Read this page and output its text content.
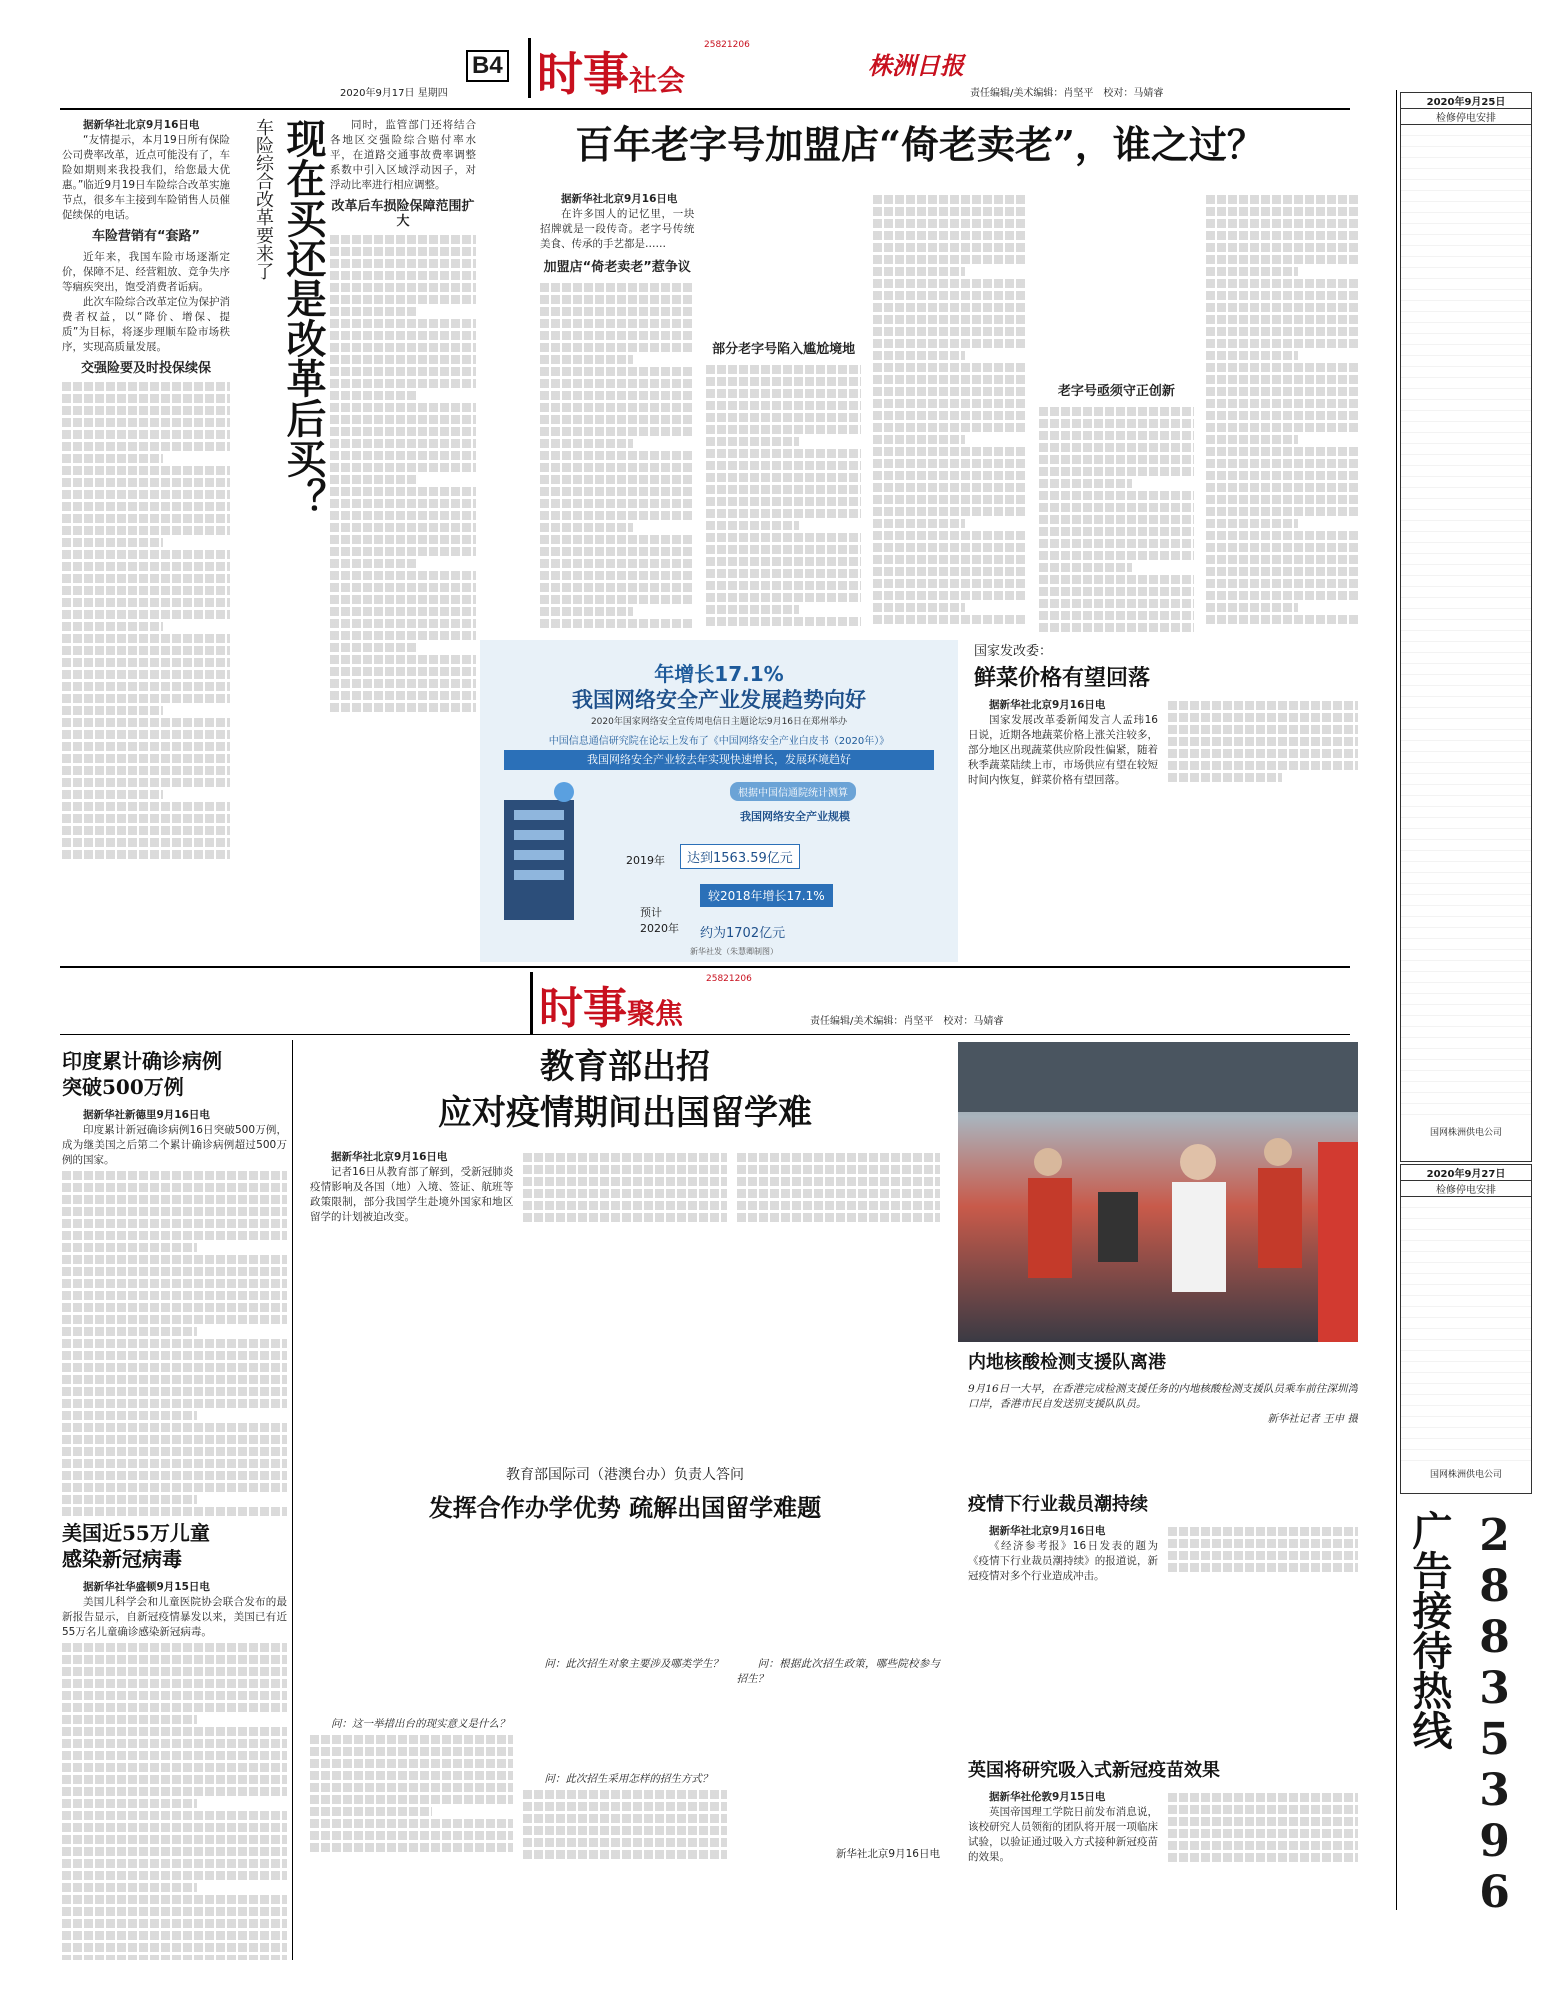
B4
2020年9月17日 星期四 时事社会
25821206
株洲日报
责任编辑/美术编辑：肖坚平　校对：马婧睿

据新华社北京9月16日电

“友情提示，本月19日所有保险公司费率改革，近点可能没有了，车险如期则来我投我们，给您最大优惠。”临近9月19日车险综合改革实施节点，很多车主接到车险销售人员催促续保的电话。

车险营销有“套路”

近年来，我国车险市场逐渐定价，保障不足、经营粗放、竞争失序等痼疾突出，饱受消费者诟病。

此次车险综合改革定位为保护消费者权益，以“降价、增保、提质”为目标，将逐步理顺车险市场秩序，实现高质量发展。

交强险要及时投保续保	现在买还是改革后买？
车险综合改革要来了	同时，监管部门还将结合各地区交强险综合赔付率水平，在道路交通事故费率调整系数中引入区域浮动因子，对浮动比率进行相应调整。

改革后车损险保障范围扩大
百年老字号加盟店“倚老卖老”，谁之过？

据新华社北京9月16日电

在许多国人的记忆里，一块招牌就是一段传奇。老字号传统美食、传承的手艺都是……

加盟店“倚老卖老”惹争议
部分老字号陷入尴尬境地
老字号亟须守正创新
年增长17.1%
我国网络安全产业发展趋势向好
2020年国家网络安全宣传周电信日主题论坛9月16日在郑州举办
中国信息通信研究院在论坛上发布了《中国网络安全产业白皮书（2020年）》
我国网络安全产业较去年实现快速增长，发展环境趋好
根据中国信通院统计测算
我国网络安全产业规模
2019年	达到1563.59亿元
较2018年增长17.1%
预计2020年	约为1702亿元
新华社发（朱慧卿制图）
国家发改委：
鲜菜价格有望回落

据新华社北京9月16日电

国家发展改革委新闻发言人孟玮16日说，近期各地蔬菜价格上涨关注较多，部分地区出现蔬菜供应阶段性偏紧，随着秋季蔬菜陆续上市，市场供应有望在较短时间内恢复，鲜菜价格有望回落。

时事聚焦
25821206
责任编辑/美术编辑：肖坚平　校对：马婧睿
印度累计确诊病例
突破500万例

据新华社新德里9月16日电

印度累计新冠确诊病例16日突破500万例，成为继美国之后第二个累计确诊病例超过500万例的国家。

美国近55万儿童
感染新冠病毒

据新华社华盛顿9月15日电

美国儿科学会和儿童医院协会联合发布的最新报告显示，自新冠疫情暴发以来，美国已有近55万名儿童确诊感染新冠病毒。

教育部出招
应对疫情期间出国留学难

据新华社北京9月16日电

记者16日从教育部了解到，受新冠肺炎疫情影响及各国（地）入境、签证、航班等政策限制，部分我国学生赴境外国家和地区留学的计划被迫改变。

教育部国际司（港澳台办）负责人答问
发挥合作办学优势 疏解出国留学难题

问：这一举措出台的现实意义是什么？

问：此次招生对象主要涉及哪类学生？

问：此次招生采用怎样的招生方式？

问：根据此次招生政策，哪些院校参与招生？

新华社北京9月16日电

内地核酸检测支援队离港
9月16日一大早，在香港完成检测支援任务的内地核酸检测支援队员乘车前往深圳湾口岸，香港市民自发送别支援队队员。
新华社记者 王申 摄
疫情下行业裁员潮持续

据新华社北京9月16日电

《经济参考报》16日发表的题为《疫情下行业裁员潮持续》的报道说，新冠疫情对多个行业造成冲击。

英国将研究吸入式新冠疫苗效果

据新华社伦敦9月15日电

英国帝国理工学院日前发布消息说，该校研究人员领衔的团队将开展一项临床试验，以验证通过吸入方式接种新冠疫苗的效果。

2020年9月25日
检修停电安排
国网株洲供电公司
2020年9月27日
检修停电安排
国网株洲供电公司
广告接待热线 28835396
